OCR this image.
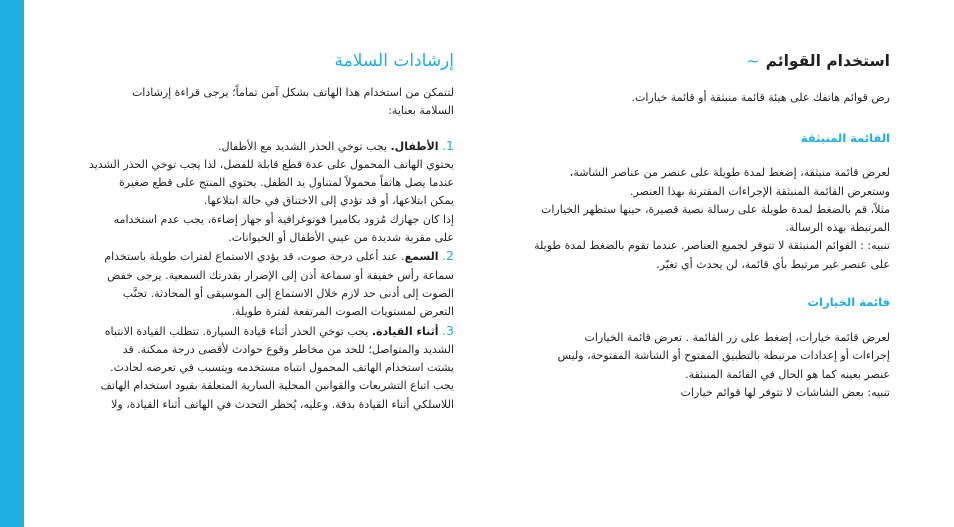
استخدام القوائم~

رض قوائم هاتفك على هيئة قائمة منبثقة أو قائمة خيارات.

القائمة المنبثقة

لعرض قائمة منبثقة، إضغط لمدة طويلة على عنصر من عناصر الشاشة،

وستعرض القائمة المنبثقة الإجراءات المقترنة بهذا العنصر.

مثلاً، قم بالضغط لمدة طويلة على رسالة نصية قصيرة، حينها ستظهر الخيارات

المرتبطة بهذه الرسالة.

تنبيه: : القوائم المنبثقة لا تتوفر لجميع العناصر. عندما تقوم بالضغط لمدة طويلة

على عنصر غير مرتبط بأي قائمة، لن يحدث أي تغيّر.

قائمة الخيارات

لعرض قائمة خيارات، إضغط على زر القائمة . تعرض قائمة الخيارات

إجراءات أو إعدادات مرتبطة بالتطبيق المفتوح أو الشاشة المفتوحة، وليس

عنصر بعينه كما هو الحال في القائمة المنبثقة.

تنبيه: بعض الشاشات لا تتوفر لها قوائم خيارات

إرشادات السلامة

لتتمكن من استخدام هذا الهاتف بشكل آمن تماماً؛ يرجى قراءة إرشادات

السلامة بعناية:

1. الأطفال. يجب توخي الحذر الشديد مع الأطفال.

يحتوي الهاتف المحمول على عدة قطع قابلة للفصل، لذا يجب توخي الحذر الشديد

عندما يصل هاتفاً محمولاً لمتناول يد الطفل. يحتوي المنتج على قطع صغيرة

يمكن ابتلاعها، أو قد تؤدي إلى الاختناق في حالة ابتلاعها.

إذا كان جهازك مُزود بكاميرا فوتوغرافية أو جهاز إضاءة، يجب عدم استخدامه

على مقربة شديدة من عيني الأطفال أو الحيوانات.

2. السمع. عند أعلى درجة صوت، قد يؤدي الاستماع لفترات طويلة باستخدام

سماعة رأس خفيفة أو سماعة أذن إلى الإضرار بقدرتك السمعية. يرجى خفض

الصوت إلى أدنى حد لازم خلال الاستماع إلى الموسيقى أو المحادثة. تجنَّب

التعرض لمستويات الصوت المرتفعة لفترة طويلة.

3. أثناء القيادة. يجب توخي الحذر أثناء قيادة السيارة. تتطلب القيادة الانتباه

الشديد والمتواصل؛ للحد من مخاطر وقوع حوادث لأقصى درجة ممكنة. قد

يشتت استخدام الهاتف المحمول انتباه مستخدمه ويتسبب في تعرضه لحادث.

يجب اتباع التشريعات والقوانين المحلية السارية المتعلقة بقيود استخدام الهاتف

اللاسلكي أثناء القيادة بدقة. وعليه، يُحظر التحدث في الهاتف أثناء القيادة، ولا
